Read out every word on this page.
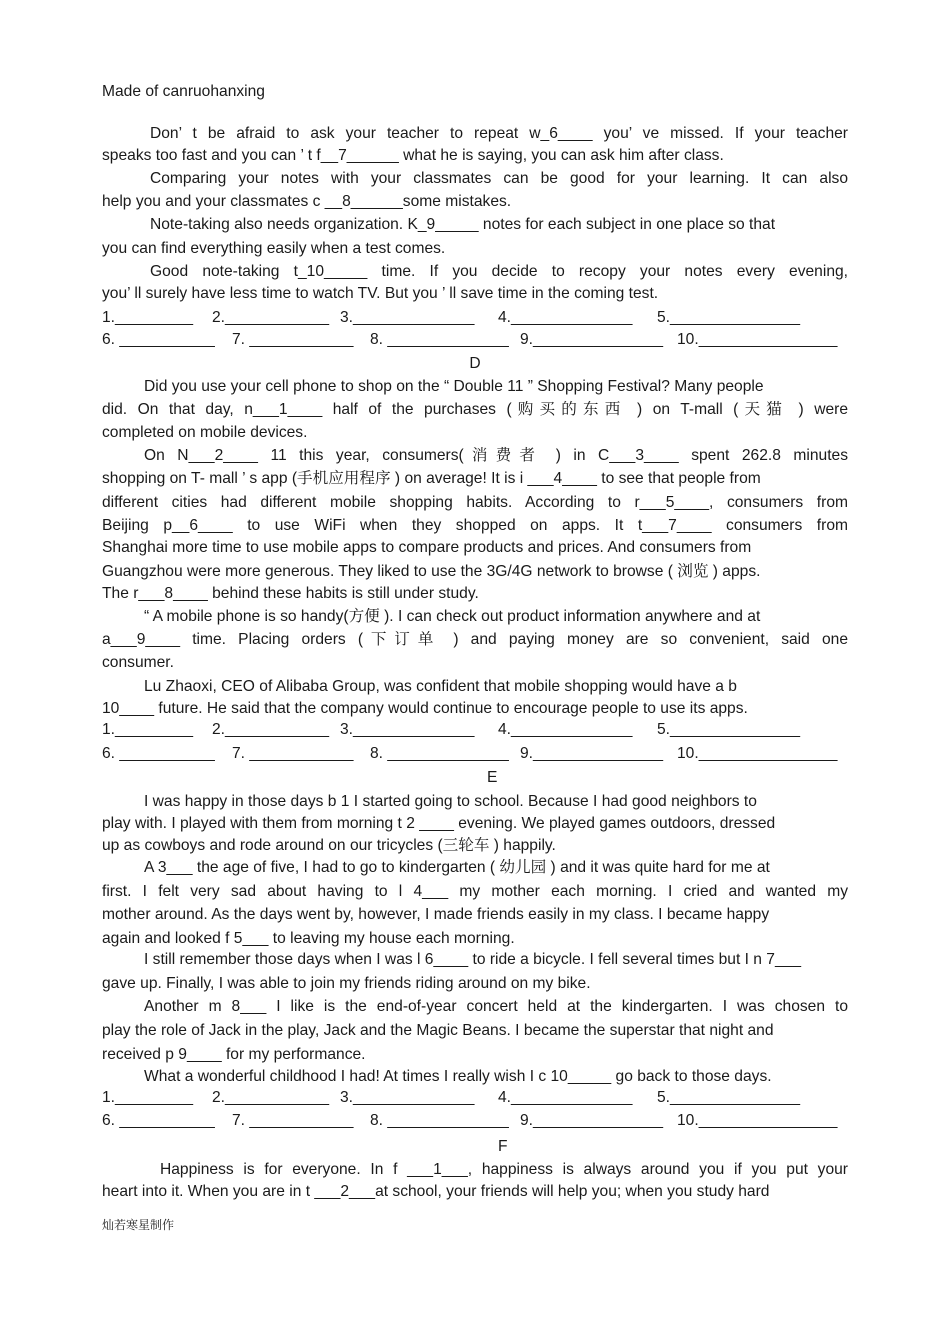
Made of canruohanxing
Don’ t be afraid to ask your teacher to repeat w_6____ you’ ve missed. If your teacher
speaks too fast and you can ’ t f__7______ what he is saying, you can ask him after class.
Comparing your notes with your classmates can be good for your learning. It can also
help you and your classmates c __8______some mistakes.
Note-taking also needs organization. K_9_____ notes for each subject in one place so that
you can find everything easily when a test comes.
Good note-taking t_10_____ time. If you decide to recopy your notes every evening,
you’ ll surely have less time to watch TV. But you ’ ll save time in the coming test.
1._________ 2.____________ 3.______________ 4.______________ 5._______________
6. ___________ 7. ____________ 8. ______________ 9._______________ 10.________________
D
Did you use your cell phone to shop on the “ Double 11 ” Shopping Festival? Many people
did. On that day, n___1____ half of the purchases (购买的东西 ) on T-mall (天猫 ) were
completed on mobile devices.
On N___2____ 11 this year, consumers(消费者 ) in C___3____ spent 262.8 minutes
shopping on T- mall ’ s app (手机应用程序 ) on average! It is i ___4____ to see that people from
different cities had different mobile shopping habits. According to r___5____, consumers from
Beijing p__6____ to use WiFi when they shopped on apps. It t___7____ consumers from
Shanghai more time to use mobile apps to compare products and prices. And consumers from
Guangzhou were more generous. They liked to use the 3G/4G network to browse ( 浏览 ) apps.
The r___8____ behind these habits is still under study.
“ A mobile phone is so handy(方便 ). I can check out product information anywhere and at
a___9____ time. Placing orders (下订单 ) and paying money are so convenient, said one
consumer.
Lu Zhaoxi, CEO of Alibaba Group, was confident that mobile shopping would have a b
10____ future. He said that the company would continue to encourage people to use its apps.
1._________ 2.____________ 3.______________ 4.______________ 5._______________
6. ___________ 7. ____________ 8. ______________ 9._______________ 10.________________
E
I was happy in those days b 1 I started going to school. Because I had good neighbors to
play with. I played with them from morning t 2 ____ evening. We played games outdoors, dressed
up as cowboys and rode around on our tricycles (三轮车 ) happily.
A 3___ the age of five, I had to go to kindergarten ( 幼儿园 ) and it was quite hard for me at
first. I felt very sad about having to l 4___ my mother each morning. I cried and wanted my
mother around. As the days went by, however, I made friends easily in my class. I became happy
again and looked f 5___ to leaving my house each morning.
I still remember those days when I was l 6____ to ride a bicycle. I fell several times but I n 7___
gave up. Finally, I was able to join my friends riding around on my bike.
Another m 8___ I like is the end-of-year concert held at the kindergarten. I was chosen to
play the role of Jack in the play, Jack and the Magic Beans. I became the superstar that night and
received p 9____ for my performance.
What a wonderful childhood I had! At times I really wish I c 10_____ go back to those days.
1._________ 2.____________ 3.______________ 4.______________ 5._______________
6. ___________ 7. ____________ 8. ______________ 9._______________ 10.________________
F
Happiness is for everyone. In f ___1___, happiness is always around you if you put your
heart into it. When you are in t ___2___at school, your friends will help you; when you study hard
灿若寒星制作
